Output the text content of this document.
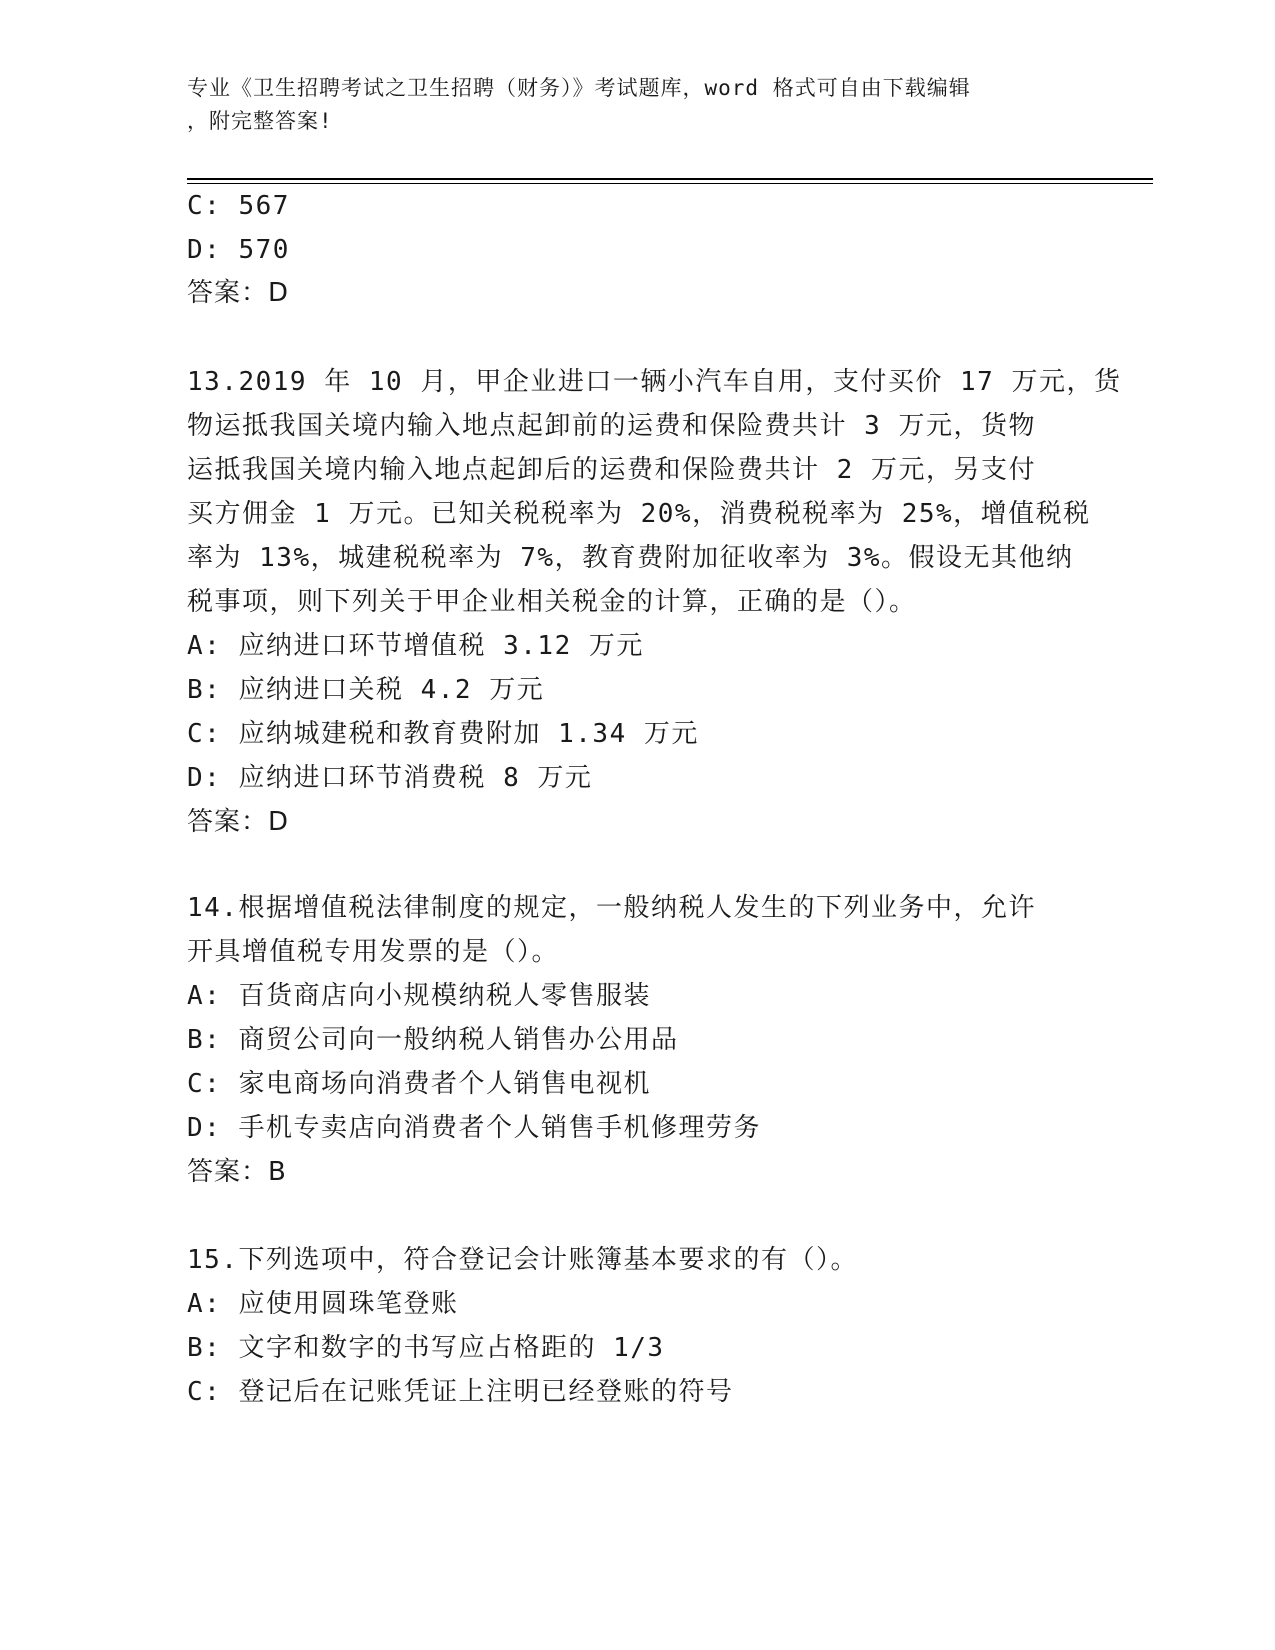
专业《卫生招聘考试之卫生招聘（财务）》考试题库，word 格式可自由下载编辑
，附完整答案!
C: 567
D: 570
答案：D
13.2019 年 10 月，甲企业进口一辆小汽车自用，支付买价 17 万元，货
物运抵我国关境内输入地点起卸前的运费和保险费共计 3 万元，货物
运抵我国关境内输入地点起卸后的运费和保险费共计 2 万元，另支付
买方佣金 1 万元。已知关税税率为 20%，消费税税率为 25%，增值税税
率为 13%，城建税税率为 7%，教育费附加征收率为 3%。假设无其他纳
税事项，则下列关于甲企业相关税金的计算，正确的是（）。
A: 应纳进口环节增值税 3.12 万元
B: 应纳进口关税 4.2 万元
C: 应纳城建税和教育费附加 1.34 万元
D: 应纳进口环节消费税 8 万元
答案：D
14.根据增值税法律制度的规定，一般纳税人发生的下列业务中，允许
开具增值税专用发票的是（）。
A: 百货商店向小规模纳税人零售服装
B: 商贸公司向一般纳税人销售办公用品
C: 家电商场向消费者个人销售电视机
D: 手机专卖店向消费者个人销售手机修理劳务
答案：B
15.下列选项中，符合登记会计账簿基本要求的有（）。
A: 应使用圆珠笔登账
B: 文字和数字的书写应占格距的 1/3
C: 登记后在记账凭证上注明已经登账的符号
